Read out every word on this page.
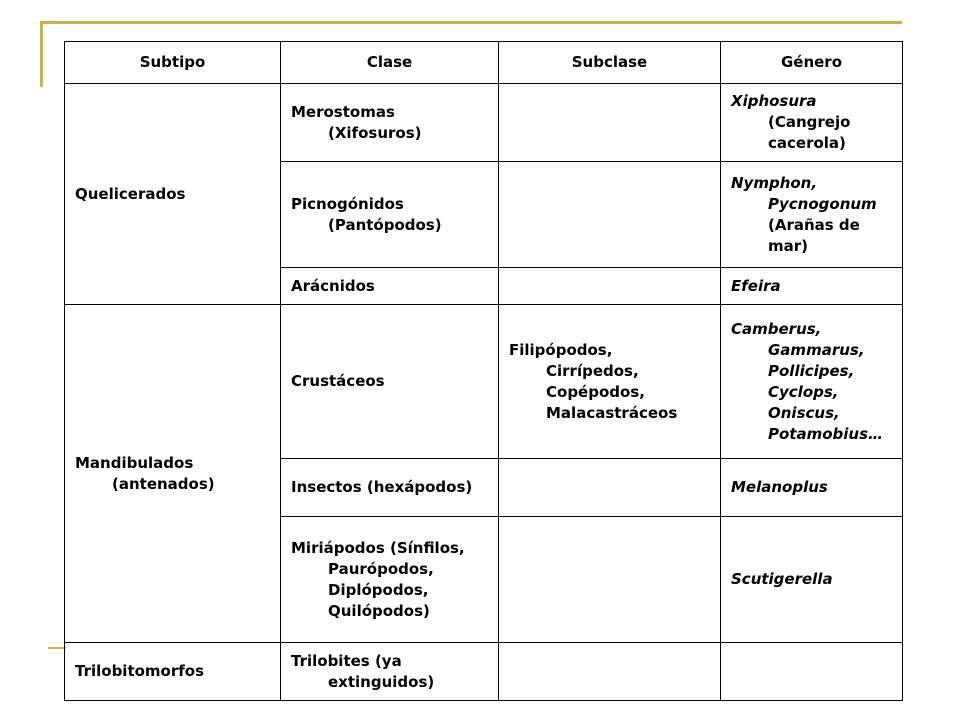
Subtipo	Clase	Subclase	Género

Quelicerados	Merostomas (Xifosuros)		Xiphosura (Cangrejo cacerola)

	Picnogónidos (Pantópodos)		Nymphon, Pycnogonum (Arañas de mar)

	Arácnidos		Efeira

Mandibulados (antenados)	Crustáceos	Filipópodos, Cirrípedos, Copépodos, Malacastráceos	Camberus, Gammarus, Pollicipes, Cyclops, Oniscus, Potamobius…

	Insectos (hexápodos)		Melanoplus

	Miriápodos (Sínfilos, Paurópodos, Diplópodos, Quilópodos)		Scutigerella

Trilobitomorfos	Trilobites (ya extinguidos)		
